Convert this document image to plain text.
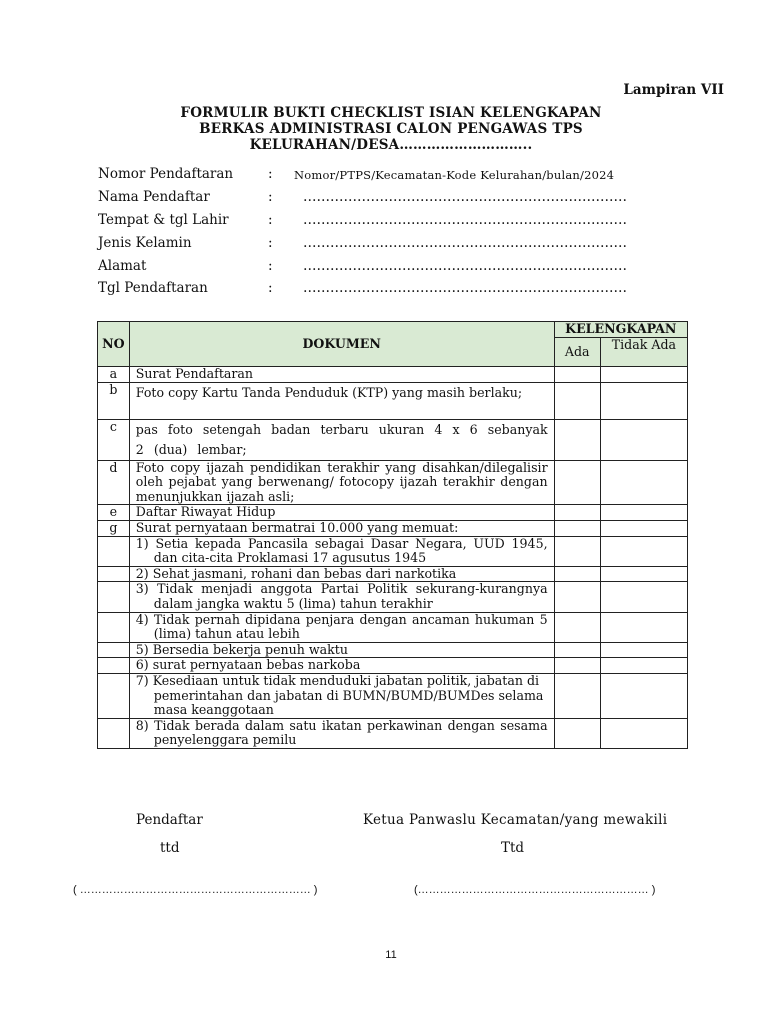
Lampiran VII
FORMULIR BUKTI CHECKLIST ISIAN KELENGKAPAN
BERKAS ADMINISTRASI CALON PENGAWAS TPS
KELURAHAN/DESA………………………..
Nomor Pendaftaran	: Nomor/PTPS/Kecamatan-Kode Kelurahan/bulan/2024
Nama Pendaftar	: ………………………………………………………………
Tempat & tgl Lahir	: ………………………………………………………………
Jenis Kelamin	: ………………………………………………………………
Alamat	: ………………………………………………………………
Tgl Pendaftaran	: ………………………………………………………………
NO	DOKUMEN	KELENGKAPAN	
		Ada	Tidak Ada
a	Surat Pendaftaran		
b	Foto copy Kartu Tanda Penduduk (KTP) yang masih berlaku;		
c	pas foto setengah badan terbaru ukuran 4 x 6 sebanyak 2 (dua) lembar;		
d	Foto copy ijazah pendidikan terakhir yang disahkan/dilegalisir oleh pejabat yang berwenang/ fotocopy ijazah terakhir dengan menunjukkan ijazah asli;		
e	Daftar Riwayat Hidup		
g	Surat pernyataan bermatrai 10.000 yang memuat:		

	1) Setia kepada Pancasila sebagai Dasar Negara, UUD 1945, dan cita-cita Proklamasi 17 agusutus 1945		

	2) Sehat jasmani, rohani dan bebas dari narkotika		

	3) Tidak menjadi anggota Partai Politik sekurang-kurangnya dalam jangka waktu 5 (lima) tahun terakhir		

	4) Tidak pernah dipidana penjara dengan ancaman hukuman 5 (lima) tahun atau lebih		

	5) Bersedia bekerja penuh waktu		

	6) surat pernyataan bebas narkoba		

	7) Kesediaan untuk tidak menduduki jabatan politik, jabatan di pemerintahan dan jabatan di BUMN/BUMD/BUMDes selama masa keanggotaan		

	8) Tidak berada dalam satu ikatan perkawinan dengan sesama penyelenggara pemilu		

Pendaftar	Ketua Panwaslu Kecamatan/yang mewakili
ttd	Ttd
( ……………………………………………………… )	(……………………………………………………… )
11
